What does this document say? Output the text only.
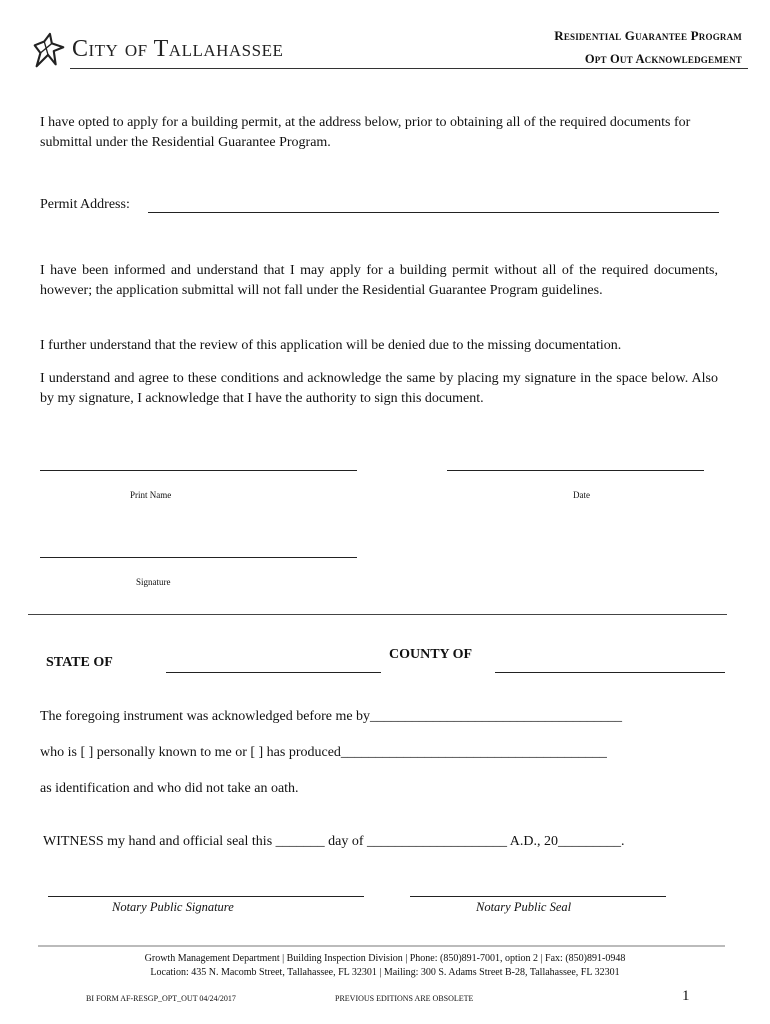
City of Tallahassee
Residential Guarantee Program
Opt Out Acknowledgement
I have opted to apply for a building permit, at the address below, prior to obtaining all of the required documents for submittal under the Residential Guarantee Program.
Permit Address:
I have been informed and understand that I may apply for a building permit without all of the required documents, however; the application submittal will not fall under the Residential Guarantee Program guidelines.
I further understand that the review of this application will be denied due to the missing documentation.
I understand and agree to these conditions and acknowledge the same by placing my signature in the space below. Also by my signature, I acknowledge that I have the authority to sign this document.
Print Name	Date
Signature
STATE OF
COUNTY OF
The foregoing instrument was acknowledged before me by____________________________________
who is [ ] personally known to me or [ ] has produced______________________________________
as identification and who did not take an oath.
WITNESS my hand and official seal this _______ day of ____________________ A.D., 20_________.
Notary Public Signature	Notary Public Seal
Growth Management Department | Building Inspection Division | Phone: (850)891-7001, option 2 | Fax: (850)891-0948
Location: 435 N. Macomb Street, Tallahassee, FL 32301 | Mailing: 300 S. Adams Street B-28, Tallahassee, FL 32301
BI FORM AF-RESGP_OPT_OUT 04/24/2017	PREVIOUS EDITIONS ARE OBSOLETE	1
